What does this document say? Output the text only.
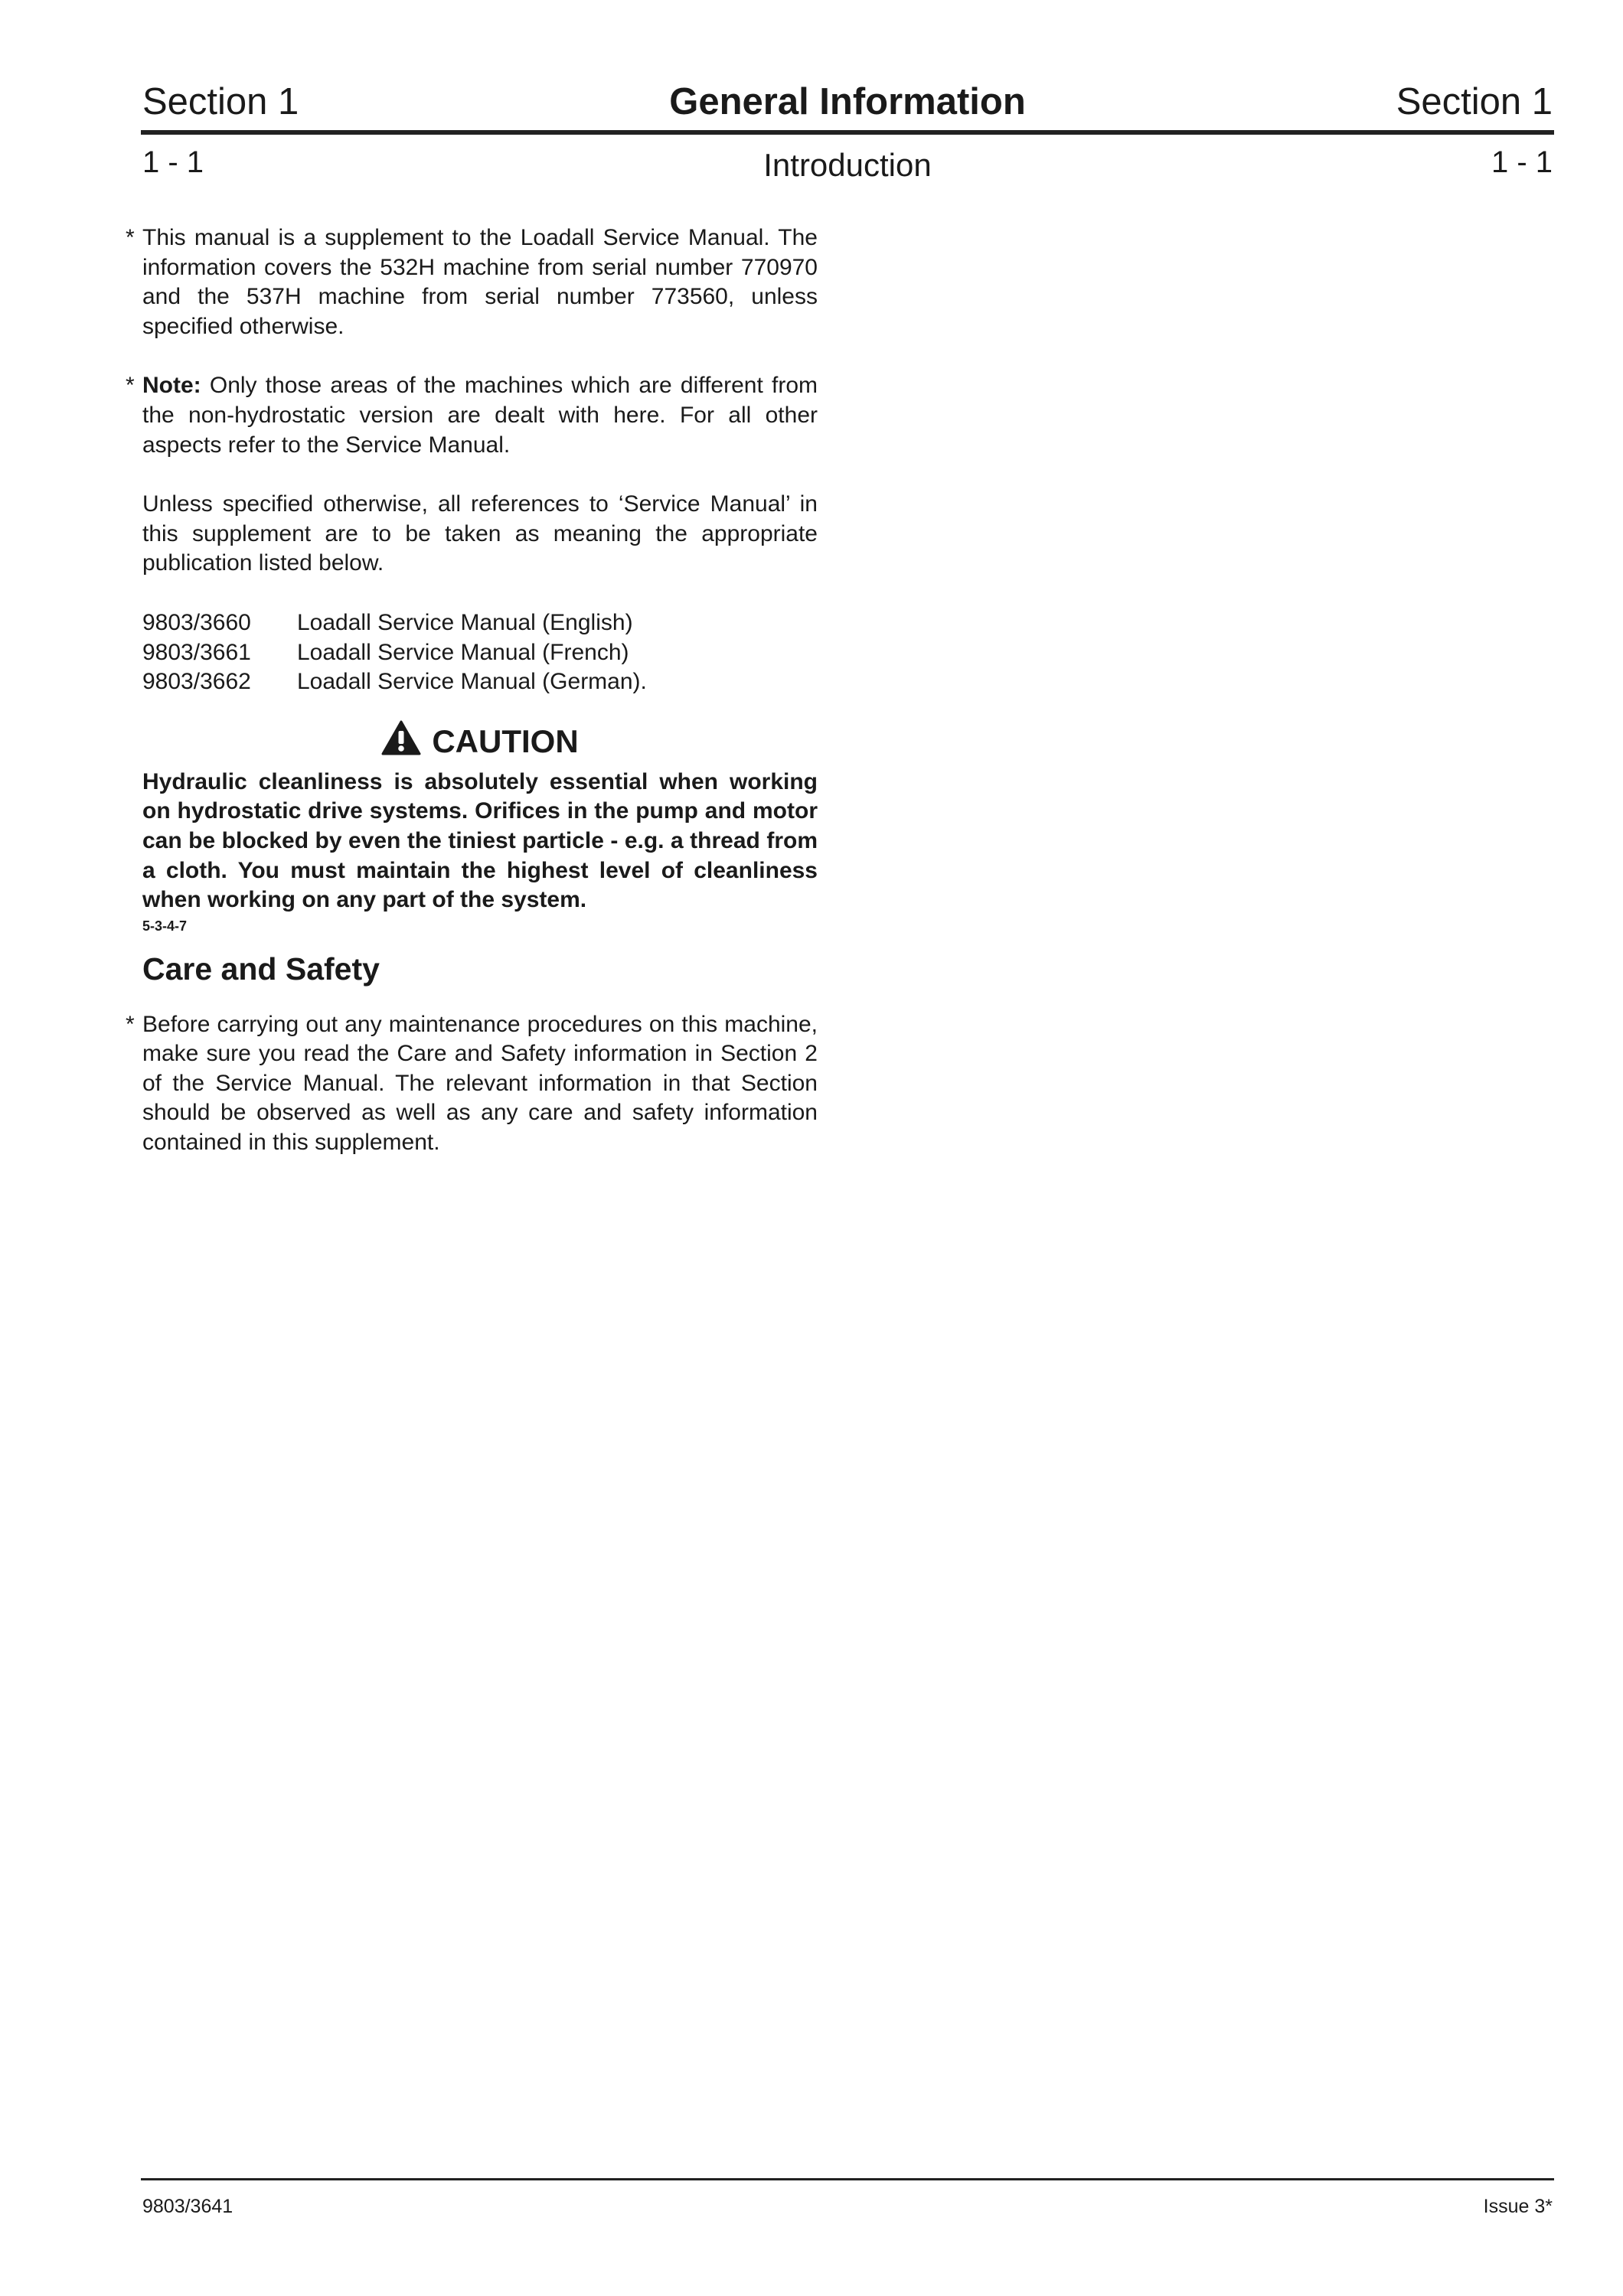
General Information
Section 1	Section 1
Introduction
1 - 1	1 - 1

* This manual is a supplement to the Loadall Service Manual. The information covers the 532H machine from serial number 770970 and the 537H machine from serial number 773560, unless specified otherwise.

* Note: Only those areas of the machines which are different from the non-hydrostatic version are dealt with here. For all other aspects refer to the Service Manual.

Unless specified otherwise, all references to ‘Service Manual’ in this supplement are to be taken as meaning the appropriate publication listed below.

9803/3660	Loadall Service Manual (English)
9803/3661	Loadall Service Manual (French)
9803/3662	Loadall Service Manual (German).
CAUTION

Hydraulic cleanliness is absolutely essential when working on hydrostatic drive systems. Orifices in the pump and motor can be blocked by even the tiniest particle - e.g. a thread from a cloth. You must maintain the highest level of cleanliness when working on any part of the system.

5-3-4-7

Care and Safety

* Before carrying out any maintenance procedures on this machine, make sure you read the Care and Safety information in Section 2 of the Service Manual. The relevant information in that Section should be observed as well as any care and safety information contained in this supplement.

9803/3641	Issue 3*
